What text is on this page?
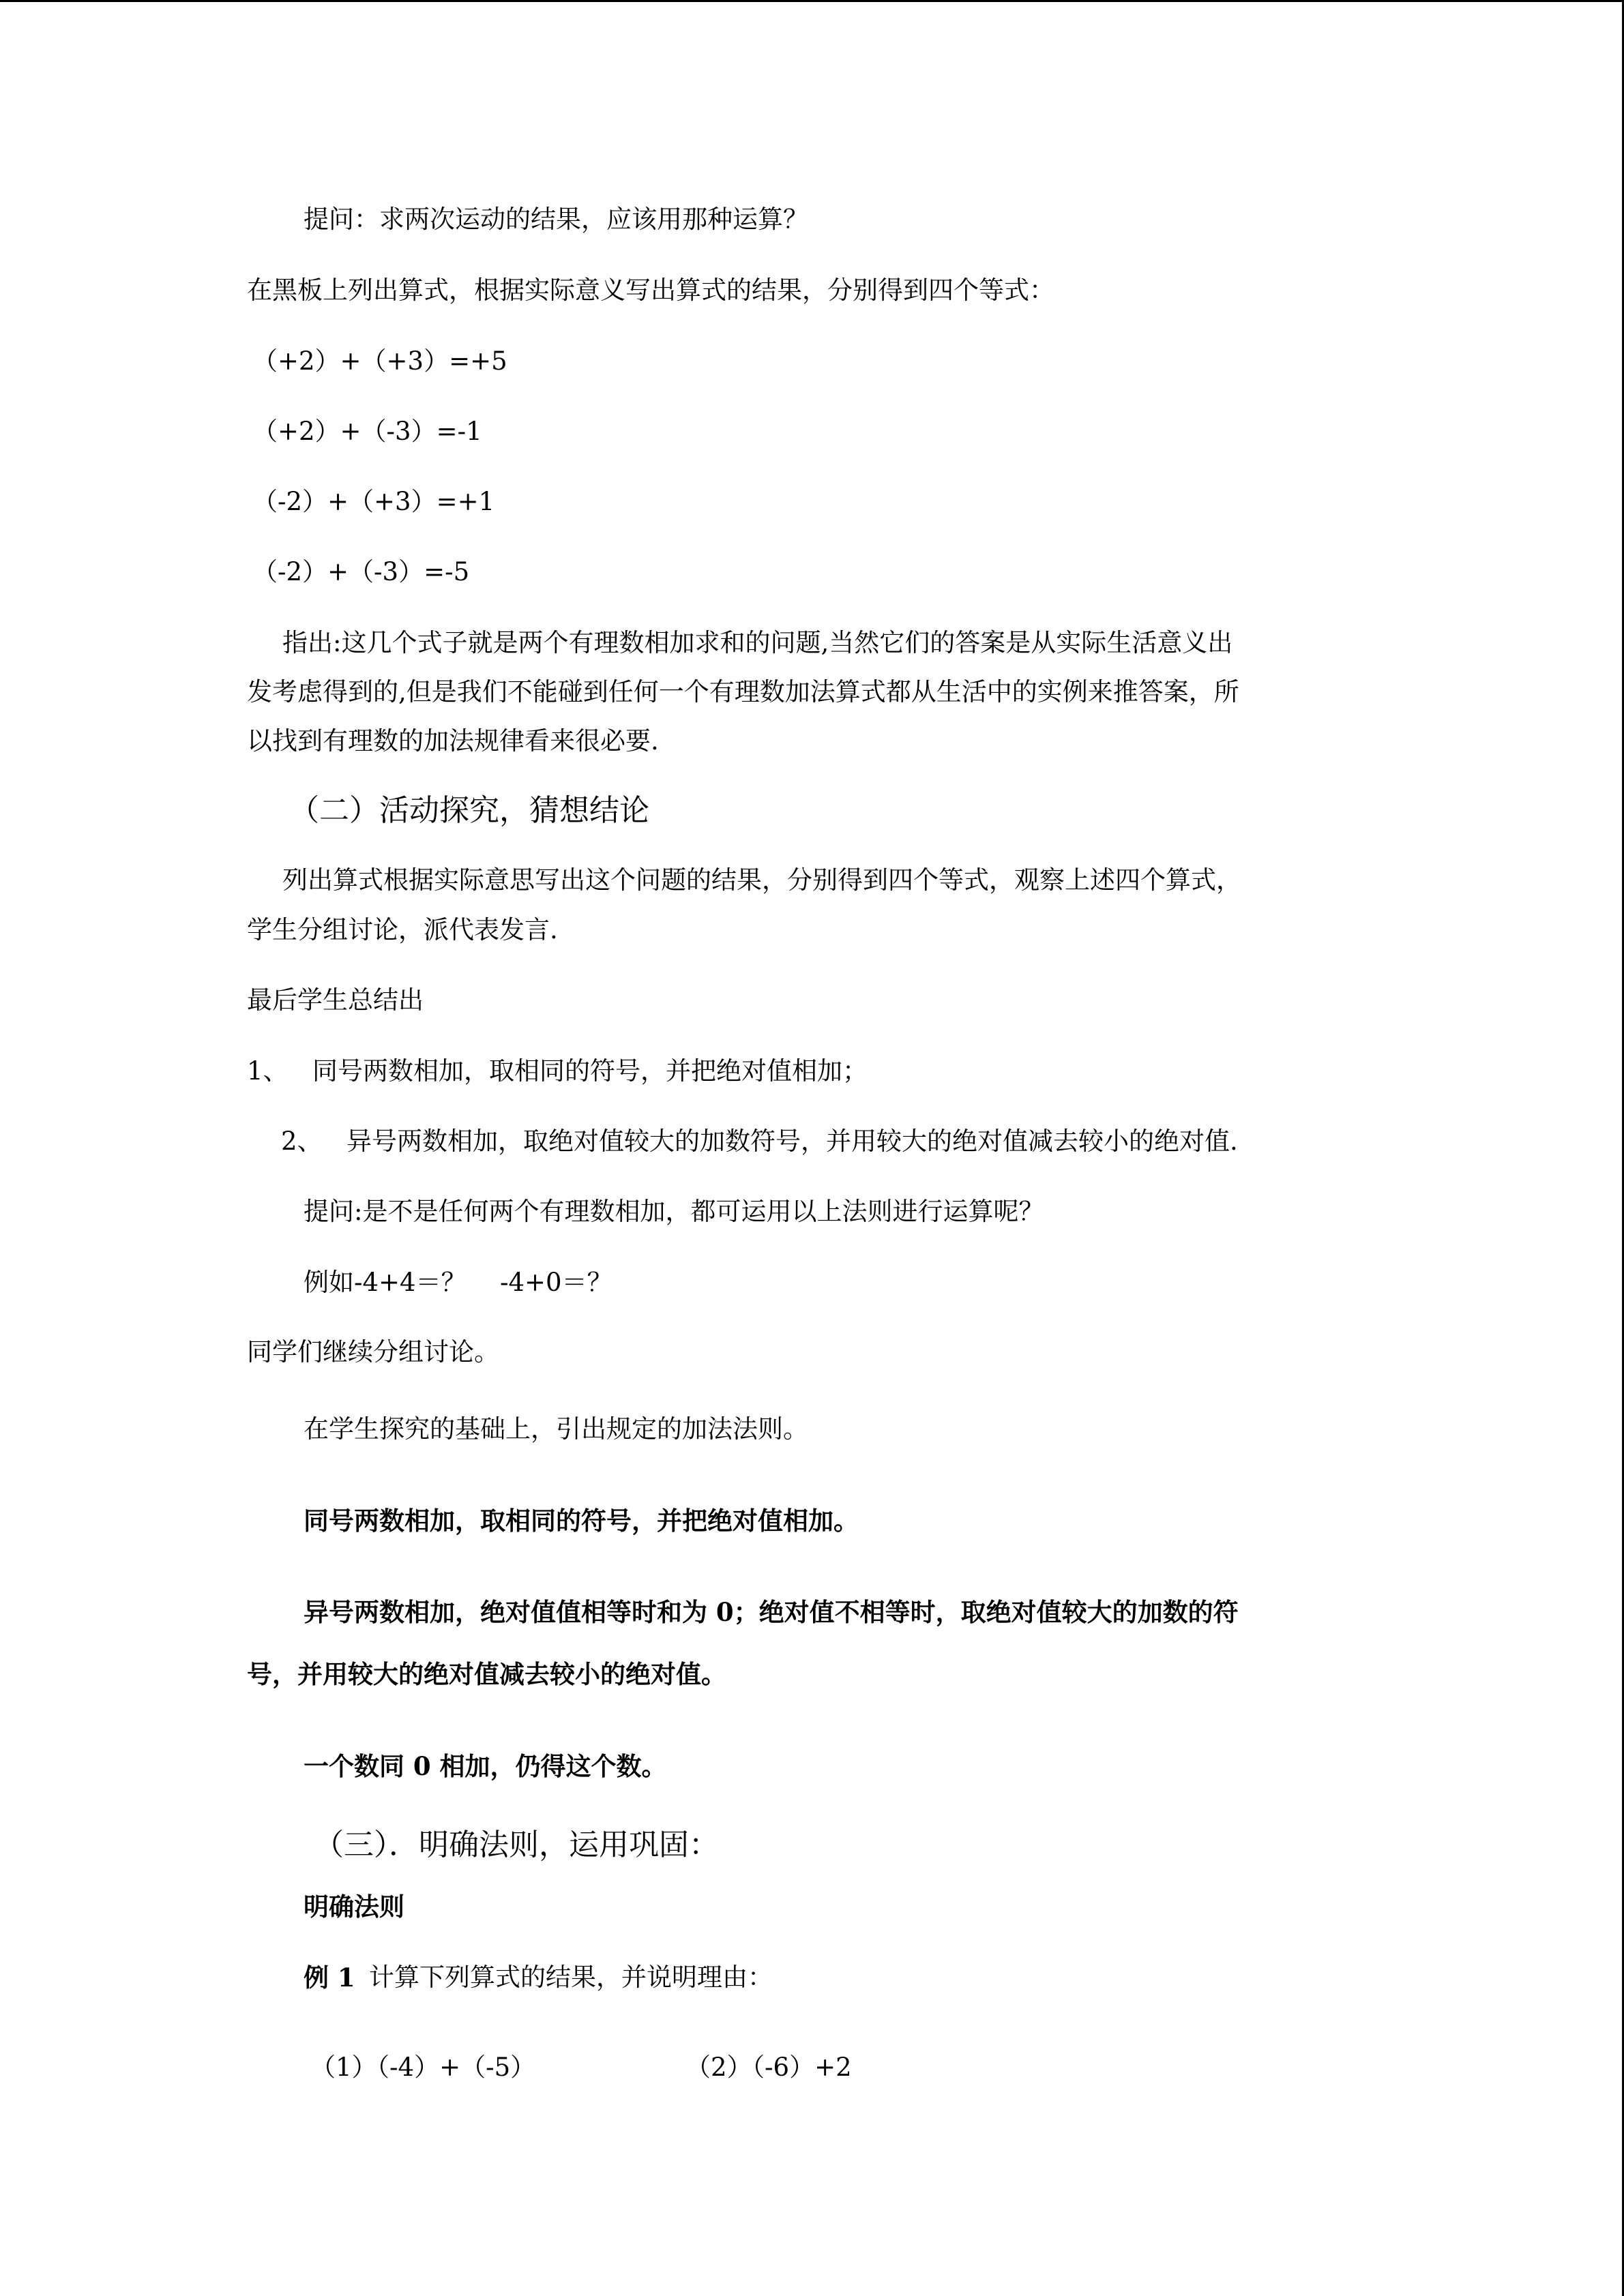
提问：求两次运动的结果，应该用那种运算？
在黑板上列出算式，根据实际意义写出算式的结果，分别得到四个等式：
（+2）+（+3）=+5
（+2）+（-3）=-1
（-2）+（+3）=+1
（-2）+（-3）=-5
指出:这几个式子就是两个有理数相加求和的问题,当然它们的答案是从实际生活意义出
发考虑得到的,但是我们不能碰到任何一个有理数加法算式都从生活中的实例来推答案，所
以找到有理数的加法规律看来很必要.
（二）活动探究，猜想结论
列出算式根据实际意思写出这个问题的结果，分别得到四个等式，观察上述四个算式，
学生分组讨论，派代表发言.
最后学生总结出
1、 同号两数相加，取相同的符号，并把绝对值相加；
2、 异号两数相加，取绝对值较大的加数符号，并用较大的绝对值减去较小的绝对值.
提问:是不是任何两个有理数相加，都可运用以上法则进行运算呢？
例如-4+4＝？ -4+0＝？
同学们继续分组讨论。
在学生探究的基础上，引出规定的加法法则。
同号两数相加，取相同的符号，并把绝对值相加。
异号两数相加，绝对值值相等时和为 0；绝对值不相等时，取绝对值较大的加数的符
号，并用较大的绝对值减去较小的绝对值。
一个数同 0 相加，仍得这个数。
（三）．明确法则，运用巩固：
明确法则
例 1 计算下列算式的结果，并说明理由：
（1）（-4）+（-5）	（2）（-6）+2
